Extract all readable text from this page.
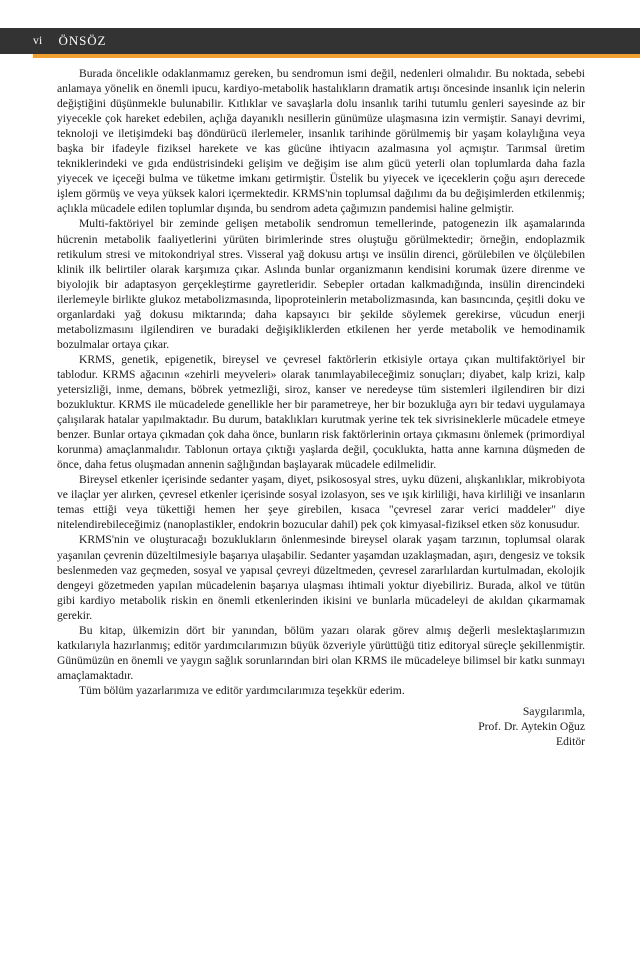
vi ÖNSÖZ

Burada öncelikle odaklanmamız gereken, bu sendromun ismi değil, nedenleri olmalıdır. Bu noktada, sebebi anlamaya yönelik en önemli ipucu, kardiyo-metabolik hastalıkların dramatik artışı öncesinde insanlık için nelerin değiştiğini düşünmekle bulunabilir. Kıtlıklar ve savaşlarla dolu insanlık tarihi tutumlu genleri sayesinde az bir yiyecekle çok hareket edebilen, açlığa dayanıklı nesillerin günümüze ulaşmasına izin vermiştir. Sanayi devrimi, teknoloji ve iletişimdeki baş döndürücü ilerlemeler, insanlık tarihinde görülmemiş bir yaşam kolaylığına veya başka bir ifadeyle fiziksel harekete ve kas gücüne ihtiyacın azalmasına yol açmıştır. Tarımsal üretim tekniklerindeki ve gıda endüstrisindeki gelişim ve değişim ise alım gücü yeterli olan toplumlarda daha fazla yiyecek ve içeceği bulma ve tüketme imkanı getirmiştir. Üstelik bu yiyecek ve içeceklerin çoğu aşırı derecede işlem görmüş ve veya yüksek kalori içermektedir. KRMS'nin toplumsal dağılımı da bu değişimlerden etkilenmiş; açlıkla mücadele edilen toplumlar dışında, bu sendrom adeta çağımızın pandemisi haline gelmiştir.

Multi-faktöriyel bir zeminde gelişen metabolik sendromun temellerinde, patogenezin ilk aşamalarında hücrenin metabolik faaliyetlerini yürüten birimlerinde stres oluştuğu görülmektedir; örneğin, endoplazmik retikulum stresi ve mitokondriyal stres. Visseral yağ dokusu artışı ve insülin direnci, görülebilen ve ölçülebilen klinik ilk belirtiler olarak karşımıza çıkar. Aslında bunlar organizmanın kendisini korumak üzere direnme ve biyolojik bir adaptasyon gerçekleştirme gayretleridir. Sebepler ortadan kalkmadığında, insülin direncindeki ilerlemeyle birlikte glukoz metabolizmasında, lipoproteinlerin metabolizmasında, kan basıncında, çeşitli doku ve organlardaki yağ dokusu miktarında; daha kapsayıcı bir şekilde söylemek gerekirse, vücudun enerji metabolizmasını ilgilendiren ve buradaki değişikliklerden etkilenen her yerde metabolik ve hemodinamik bozulmalar ortaya çıkar.

KRMS, genetik, epigenetik, bireysel ve çevresel faktörlerin etkisiyle ortaya çıkan multifaktöriyel bir tablodur. KRMS ağacının «zehirli meyveleri» olarak tanımlayabileceğimiz sonuçları; diyabet, kalp krizi, kalp yetersizliği, inme, demans, böbrek yetmezliği, siroz, kanser ve neredeyse tüm sistemleri ilgilendiren bir dizi bozukluktur. KRMS ile mücadelede genellikle her bir parametreye, her bir bozukluğa ayrı bir tedavi uygulamaya çalışılarak hatalar yapılmaktadır. Bu durum, bataklıkları kurutmak yerine tek tek sivrisineklerle mücadele etmeye benzer. Bunlar ortaya çıkmadan çok daha önce, bunların risk faktörlerinin ortaya çıkmasını önlemek (primordiyal korunma) amaçlanmalıdır. Tablonun ortaya çıktığı yaşlarda değil, çocuklukta, hatta anne karnına düşmeden de önce, daha fetus oluşmadan annenin sağlığından başlayarak mücadele edilmelidir.

Bireysel etkenler içerisinde sedanter yaşam, diyet, psikososyal stres, uyku düzeni, alışkanlıklar, mikrobiyota ve ilaçlar yer alırken, çevresel etkenler içerisinde sosyal izolasyon, ses ve ışık kirliliği, hava kirliliği ve insanların temas ettiği veya tükettiği hemen her şeye girebilen, kısaca "çevresel zarar verici maddeler" diye nitelendirebileceğimiz (nanoplastikler, endokrin bozucular dahil) pek çok kimyasal-fiziksel etken söz konusudur.

KRMS'nin ve oluşturacağı bozuklukların önlenmesinde bireysel olarak yaşam tarzının, toplumsal olarak yaşanılan çevrenin düzeltilmesiyle başarıya ulaşabilir. Sedanter yaşamdan uzaklaşmadan, aşırı, dengesiz ve toksik beslenmeden vaz geçmeden, sosyal ve yapısal çevreyi düzeltmeden, çevresel zararlılardan kurtulmadan, ekolojik dengeyi gözetmeden yapılan mücadelenin başarıya ulaşması ihtimali yoktur diyebiliriz. Burada, alkol ve tütün gibi kardiyo metabolik riskin en önemli etkenlerinden ikisini ve bunlarla mücadeleyi de akıldan çıkarmamak gerekir.

Bu kitap, ülkemizin dört bir yanından, bölüm yazarı olarak görev almış değerli meslektaşlarımızın katkılarıyla hazırlanmış; editör yardımcılarımızın büyük özveriyle yürüttüğü titiz editoryal süreçle şekillenmiştir. Günümüzün en önemli ve yaygın sağlık sorunlarından biri olan KRMS ile mücadeleye bilimsel bir katkı sunmayı amaçlamaktadır.

Tüm bölüm yazarlarımıza ve editör yardımcılarımıza teşekkür ederim.

Saygılarımla,
Prof. Dr. Aytekin Oğuz
Editör
